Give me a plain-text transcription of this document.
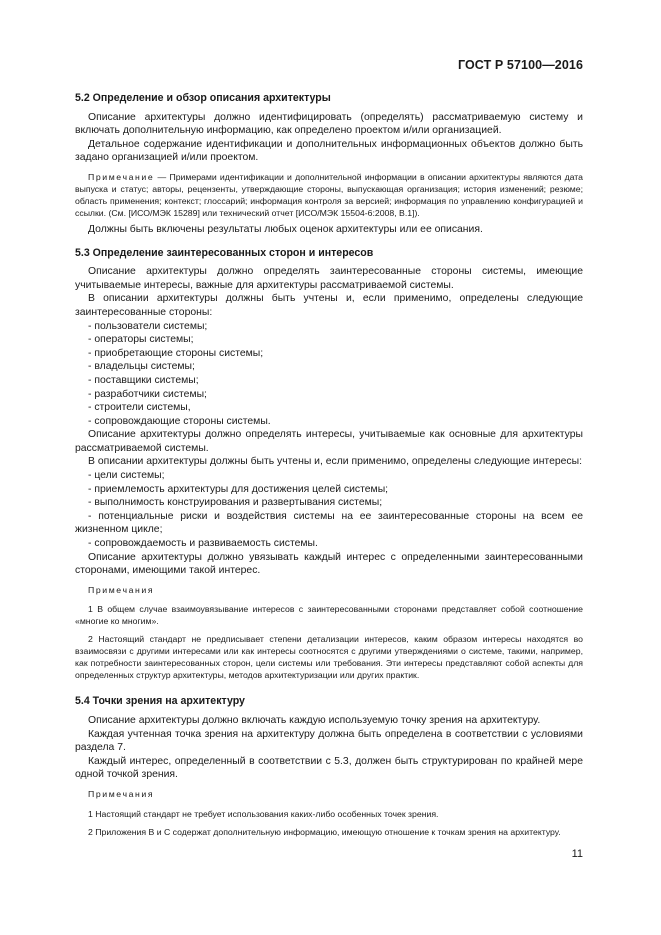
ГОСТ Р 57100—2016
5.2 Определение и обзор описания архитектуры

Описание архитектуры должно идентифицировать (определять) рассматриваемую систему и включать дополнительную информацию, как определено проектом и/или организацией.

Детальное содержание идентификации и дополнительных информационных объектов должно быть задано организацией и/или проектом.

Примечание — Примерами идентификации и дополнительной информации в описании архитектуры являются дата выпуска и статус; авторы, рецензенты, утверждающие стороны, выпускающая организация; история изменений; резюме; область применения; контекст; глоссарий; информация контроля за версией; информация по управлению конфигурацией и ссылки. (См. [ИСО/МЭК 15289] или технический отчет [ИСО/МЭК 15504-6:2008, В.1]).

Должны быть включены результаты любых оценок архитектуры или ее описания.

5.3 Определение заинтересованных сторон и интересов

Описание архитектуры должно определять заинтересованные стороны системы, имеющие учитываемые интересы, важные для архитектуры рассматриваемой системы.

В описании архитектуры должны быть учтены и, если применимо, определены следующие заинтересованные стороны:

- пользователи системы;

- операторы системы;

- приобретающие стороны системы;

- владельцы системы;

- поставщики системы;

- разработчики системы;

- строители системы,

- сопровождающие стороны системы.

Описание архитектуры должно определять интересы, учитываемые как основные для архитектуры рассматриваемой системы.

В описании архитектуры должны быть учтены и, если применимо, определены следующие интересы:

- цели системы;

- приемлемость архитектуры для достижения целей системы;

- выполнимость конструирования и развертывания системы;

- потенциальные риски и воздействия системы на ее заинтересованные стороны на всем ее жизненном цикле;

- сопровождаемость и развиваемость системы.

Описание архитектуры должно увязывать каждый интерес с определенными заинтересованными сторонами, имеющими такой интерес.

Примечания

1 В общем случае взаимоувязывание интересов с заинтересованными сторонами представляет собой соотношение «многие ко многим».

2 Настоящий стандарт не предписывает степени детализации интересов, каким образом интересы находятся во взаимосвязи с другими интересами или как интересы соотносятся с другими утверждениями о системе, такими, например, как потребности заинтересованных сторон, цели системы или требования. Эти интересы представляют собой аспекты для определенных структур архитектуры, методов архитектуризации или других практик.

5.4 Точки зрения на архитектуру

Описание архитектуры должно включать каждую используемую точку зрения на архитектуру.

Каждая учтенная точка зрения на архитектуру должна быть определена в соответствии с условиями раздела 7.

Каждый интерес, определенный в соответствии с 5.3, должен быть структурирован по крайней мере одной точкой зрения.

Примечания

1 Настоящий стандарт не требует использования каких-либо особенных точек зрения.

2 Приложения В и С содержат дополнительную информацию, имеющую отношение к точкам зрения на архитектуру.

11
